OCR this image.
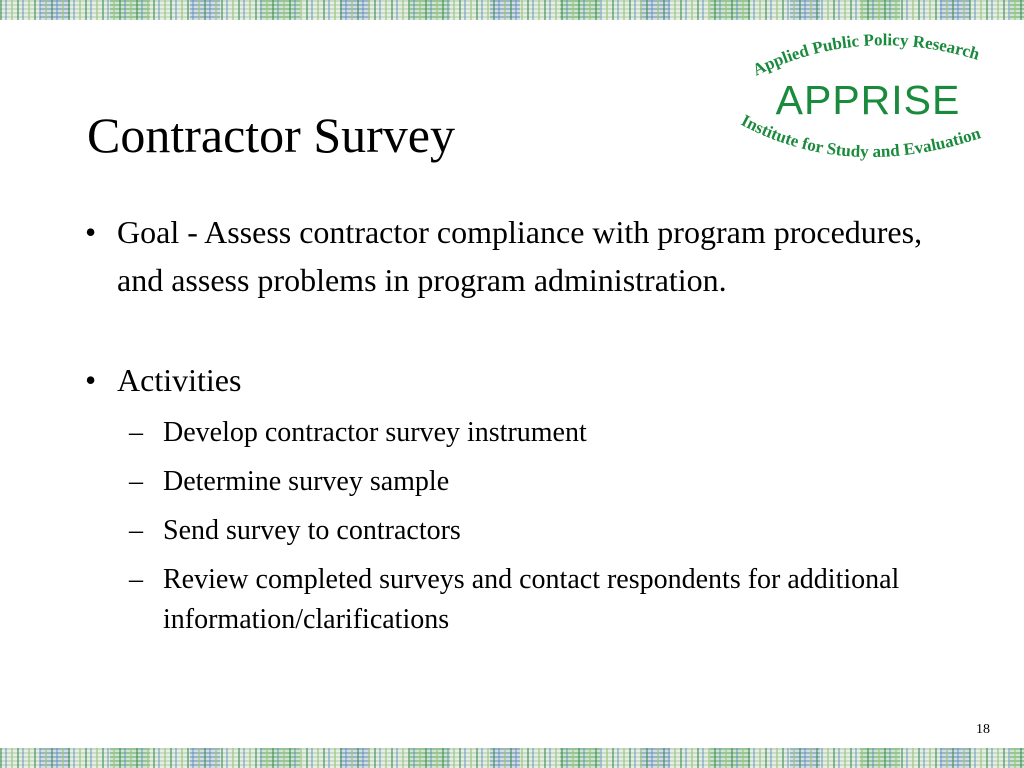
Contractor Survey
Applied Public Policy Research
APPRISE
Institute for Study and Evaluation
• Goal - Assess contractor compliance with program procedures, and assess problems in program administration.
• Activities
– Develop contractor survey instrument
– Determine survey sample
– Send survey to contractors
– Review completed surveys and contact respondents for additional information/clarifications
18
